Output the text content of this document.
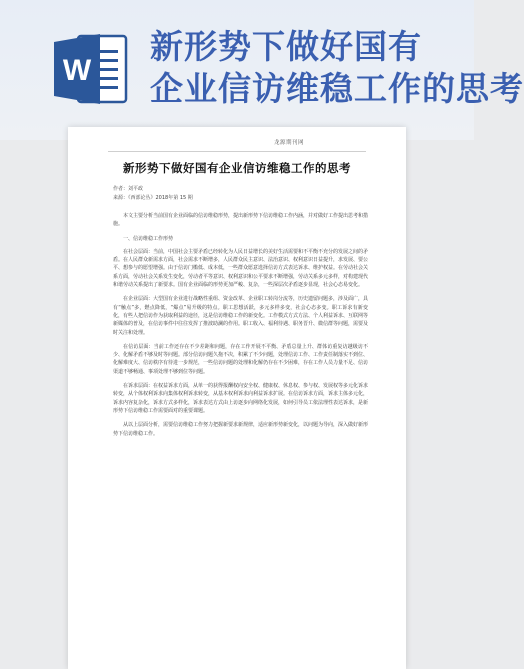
W
新形势下做好国有
企业信访维稳工作的思考
龙源期刊网
新形势下做好国有企业信访维稳工作的思考
作者：刘平政
来源：《西部论丛》2018年第 15 期

本文主要分析当前国有企业面临的信访维稳形势，提出新形势下信访维稳工作内涵，并对做好工作提出思考和措施。

一、信访维稳工作形势

在社会层面：当前，中国社会主要矛盾已经转化为人民日益增长的美好生活需要和不平衡不充分的发展之间的矛盾。在人民群众新需求方面，社会需求不断增多，人民群众民主意识、法治意识、权利意识日益提升，求发展、要公平、想参与的愿望增强。由于信访门槛低、成本低，一些群众愿意选择信访方式表达诉求、维护权益。在劳动社会关系方面，劳动社会关系发生变化，劳动者平等意识、权利意识和公平要求不断增强，劳动关系多元多样，对构建现代和谐劳动关系提出了新要求。国有企业面临的形势更加严峻、复杂，一些深层次矛盾逐步显现，社会心态易变化。

在企业层面：大型国有企业进行战略性重组、资金改革、企业职工转岗分流等，历史遗留问题多，涉及面广，具有“触点”多，燃点降低，“爆点”易升级的特点。职工思想活跃，多元多样多变，社会心态多变。职工诉求有新变化，有些人把信访作为获取利益的途径，这是信访维稳工作的新变化。工作模式方式方法、个人利益诉求、互联网等新媒体的普及，在信访事件中往往发挥了推波助澜的作用。职工收入、福利待遇、职务晋升、微信群等问题，需要及时关注和处理。

在信访层面：当前工作还存在不少差距和问题，存在工作开展不平衡、矛盾总量上升、群体访重复访越级访不少、化解矛盾不够及时等问题。部分信访问题久拖不决，积累了不少问题，处理信访工作、工作责任制落实不到位、化解难度大、信访秩序有待进一步规范，一些信访问题的处理和化解仍存在不少困难，存在工作人员力量不足、信访渠道不够畅通、事项处理不够到位等问题。

在诉求层面：在权益诉求方面，从单一的获得报酬权向安全权、健康权、休息权、参与权、发展权等多元化诉求转变，从个体权利诉求向集体权利诉求转变，从基本权利诉求向利益诉求扩展。在信访诉求方面，诉求主体多元化，诉求内容复杂化，诉求方式多样化，诉求表达方式由上访逐步向网络化发展，如何引导员工依法理性表达诉求，是新形势下信访维稳工作需要面对的重要课题。

从以上层面分析，需要信访维稳工作努力把握新要求新规律，适应新形势新变化，以问题为导向，深入做好新形势下信访维稳工作。
